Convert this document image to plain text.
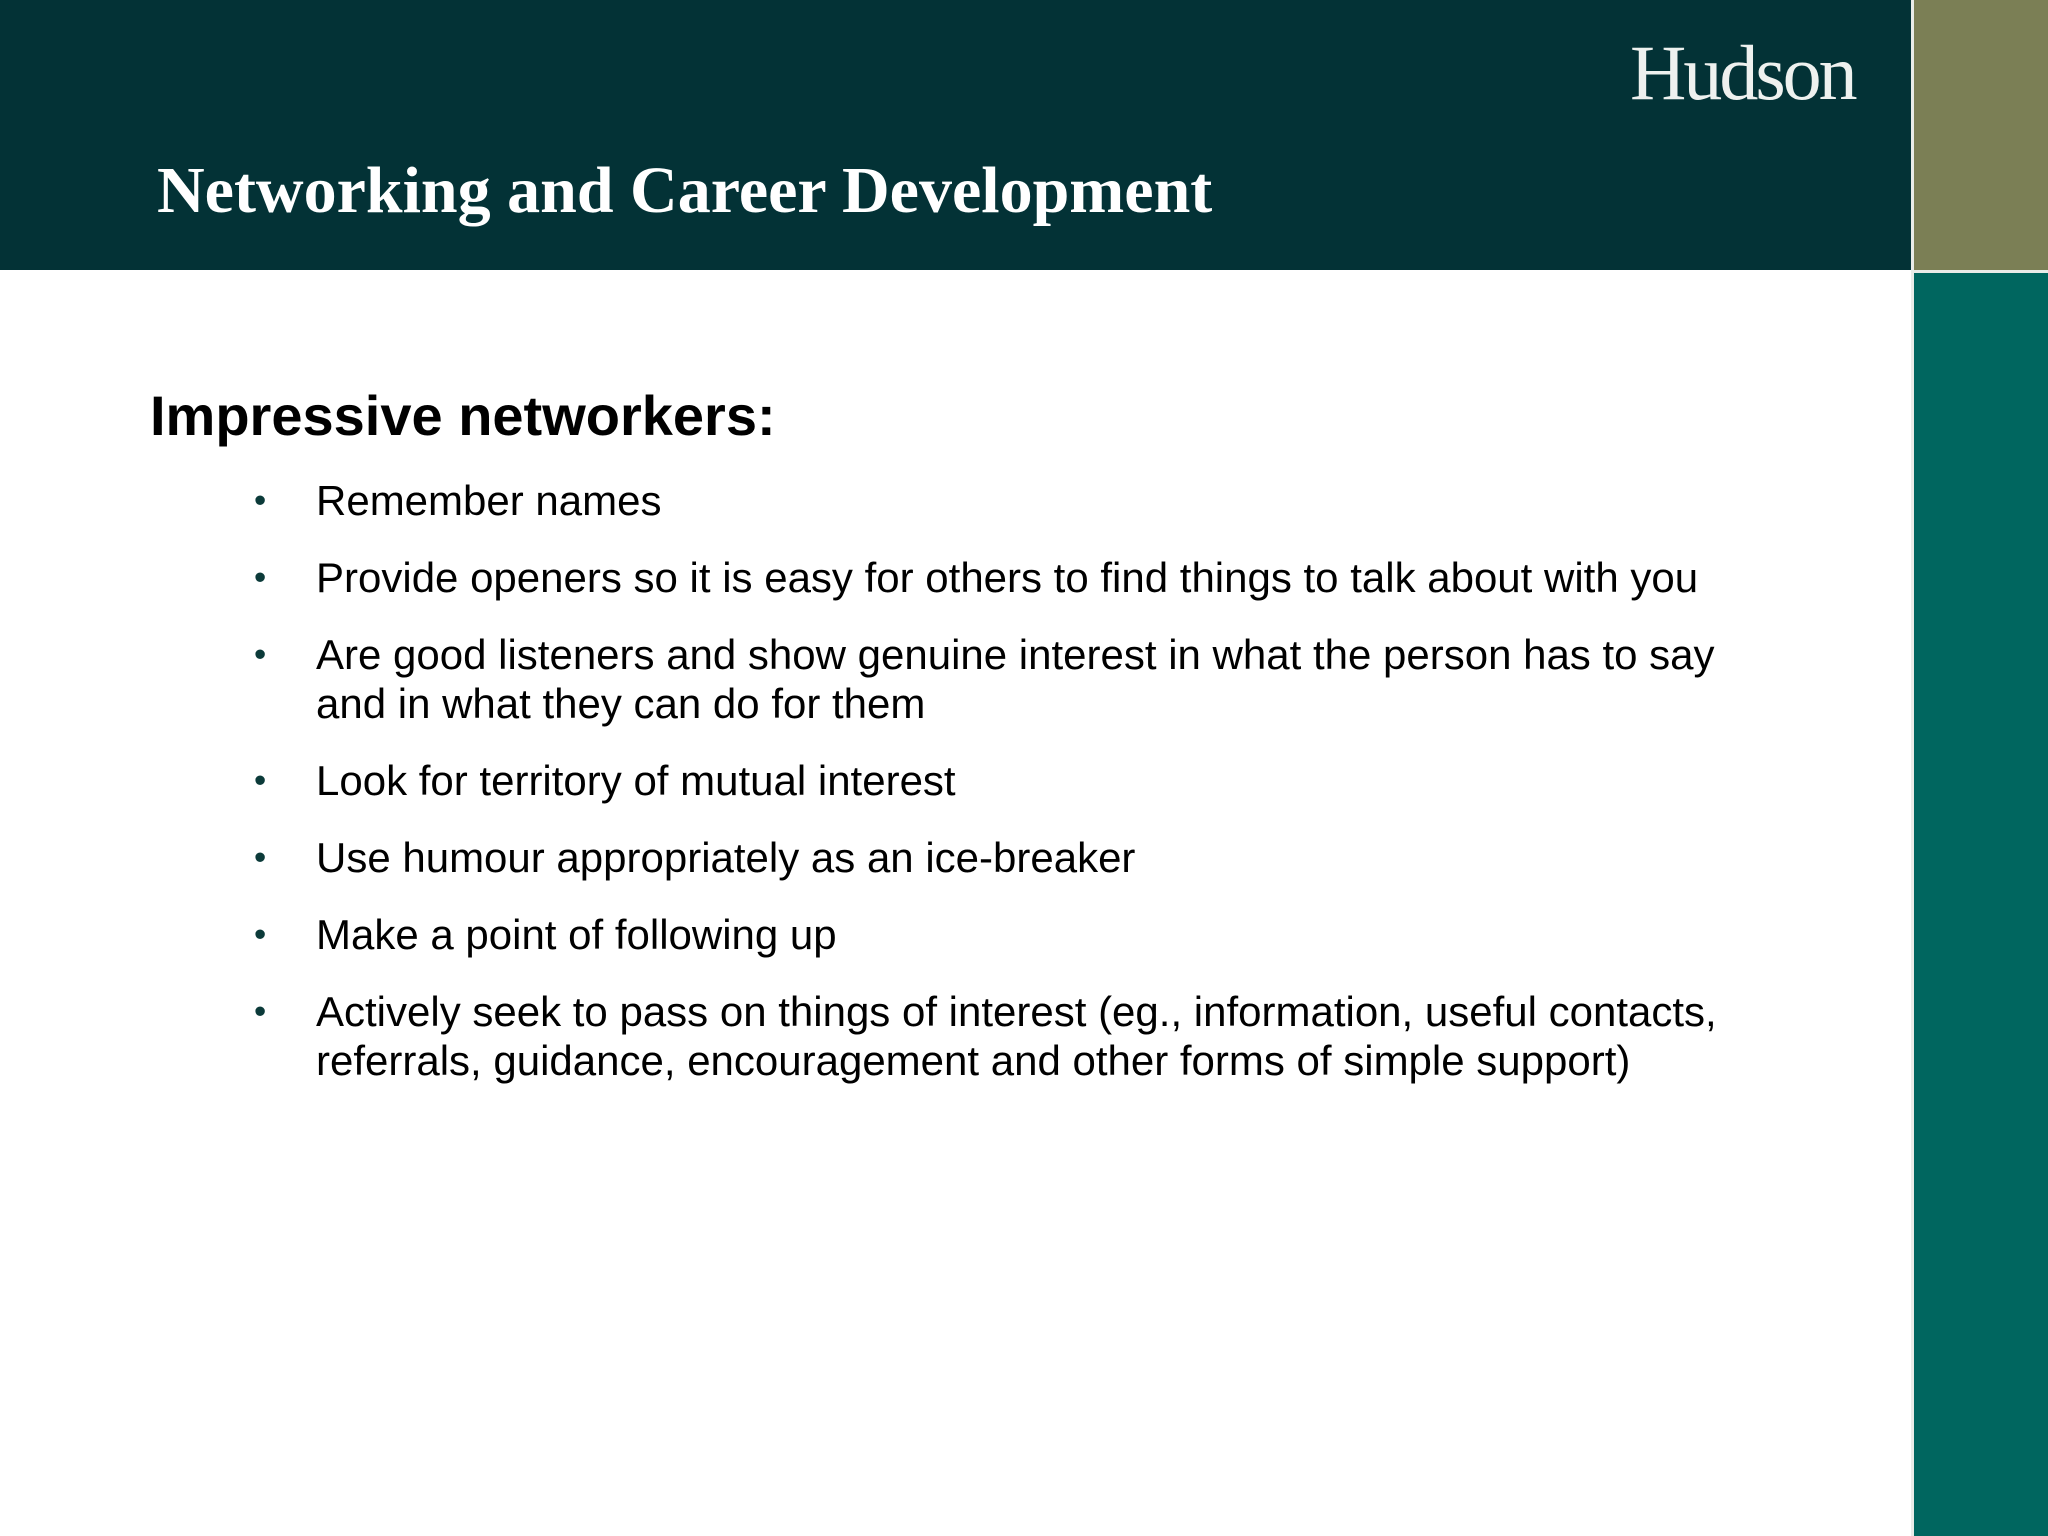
Hudson
Networking and Career Development

Impressive networkers:

• Remember names
• Provide openers so it is easy for others to find things to talk about with you
• Are good listeners and show genuine interest in what the person has to say and in what they can do for them
• Look for territory of mutual interest
• Use humour appropriately as an ice-breaker
• Make a point of following up
• Actively seek to pass on things of interest (eg., information, useful contacts, referrals, guidance, encouragement and other forms of simple support)
